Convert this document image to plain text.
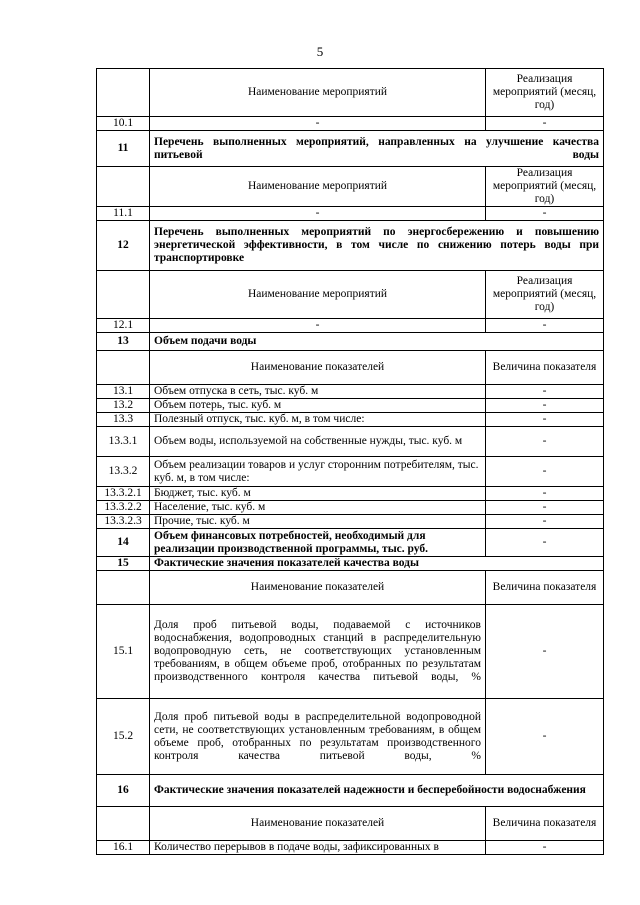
5
	Наименование мероприятий	Реализация мероприятий (месяц, год)
10.1	-	-
11	Перечень выполненных мероприятий, направленных на улучшение качества питьевой воды	
	Наименование мероприятий	Реализация мероприятий (месяц, год)
11.1	-	-
12	Перечень выполненных мероприятий по энергосбережению и повышению энергетической эффективности, в том числе по снижению потерь воды при транспортировке	
	Наименование мероприятий	Реализация мероприятий (месяц, год)
12.1	-	-
13	Объем подачи воды	
	Наименование показателей	Величина показателя
13.1	Объем отпуска в сеть, тыс. куб. м	-
13.2	Объем потерь, тыс. куб. м	-
13.3	Полезный отпуск, тыс. куб. м, в том числе:	-
13.3.1	Объем воды, используемой на собственные нужды, тыс. куб. м	-
13.3.2	Объем реализации товаров и услуг сторонним потребителям, тыс. куб. м, в том числе:	-
13.3.2.1	Бюджет, тыс. куб. м	-
13.3.2.2	Население, тыс. куб. м	-
13.3.2.3	Прочие, тыс. куб. м	-
14	Объем финансовых потребностей, необходимый для реализации производственной программы, тыс. руб.	-
15	Фактические значения показателей качества воды	
	Наименование показателей	Величина показателя
15.1	Доля проб питьевой воды, подаваемой с источников водоснабжения, водопроводных станций в распределительную водопроводную сеть, не соответствующих установленным требованиям, в общем объеме проб, отобранных по результатам производственного контроля качества питьевой воды, %	-
15.2	Доля проб питьевой воды в распределительной водопроводной сети, не соответствующих установленным требованиям, в общем объеме проб, отобранных по результатам производственного контроля качества питьевой воды, %	-
16	Фактические значения показателей надежности и бесперебойности водоснабжения	
	Наименование показателей	Величина показателя
16.1	Количество перерывов в подаче воды, зафиксированных в	-
